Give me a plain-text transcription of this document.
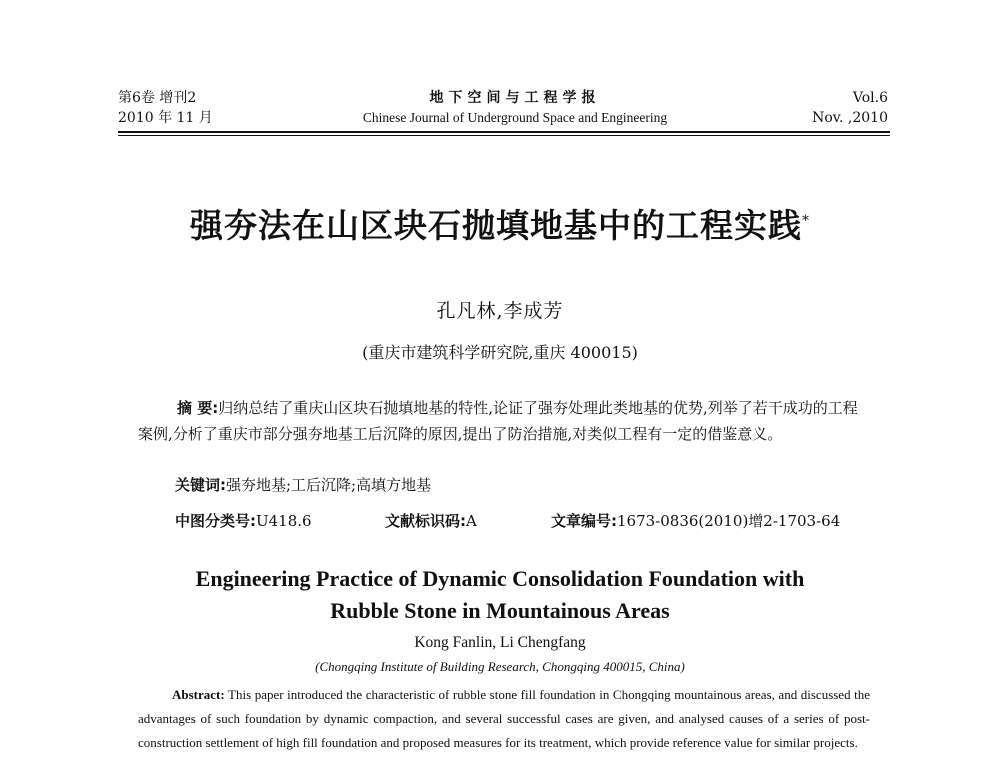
第6卷 增刊2
2010 年 11 月
地下空间与工程学报
Chinese Journal of Underground Space and Engineering
Vol.6
Nov. ,2010
强夯法在山区块石抛填地基中的工程实践*
孔凡林,李成芳
(重庆市建筑科学研究院,重庆 400015)

摘 要:归纳总结了重庆山区块石抛填地基的特性,论证了强夯处理此类地基的优势,列举了若干成功的工程案例,分析了重庆市部分强夯地基工后沉降的原因,提出了防治措施,对类似工程有一定的借鉴意义。

关键词:强夯地基;工后沉降;高填方地基
中图分类号:U418.6	文献标识码:A	文章编号:1673-0836(2010)增2-1703-64
Engineering Practice of Dynamic Consolidation Foundation with Rubble Stone in Mountainous Areas
Kong Fanlin, Li Chengfang
(Chongqing Institute of Building Research, Chongqing 400015, China)

Abstract: This paper introduced the characteristic of rubble stone fill foundation in Chongqing mountainous areas, and discussed the advantages of such foundation by dynamic compaction, and several successful cases are given, and analysed causes of a series of post-construction settlement of high fill foundation and proposed measures for its treatment, which provide reference value for similar projects.
